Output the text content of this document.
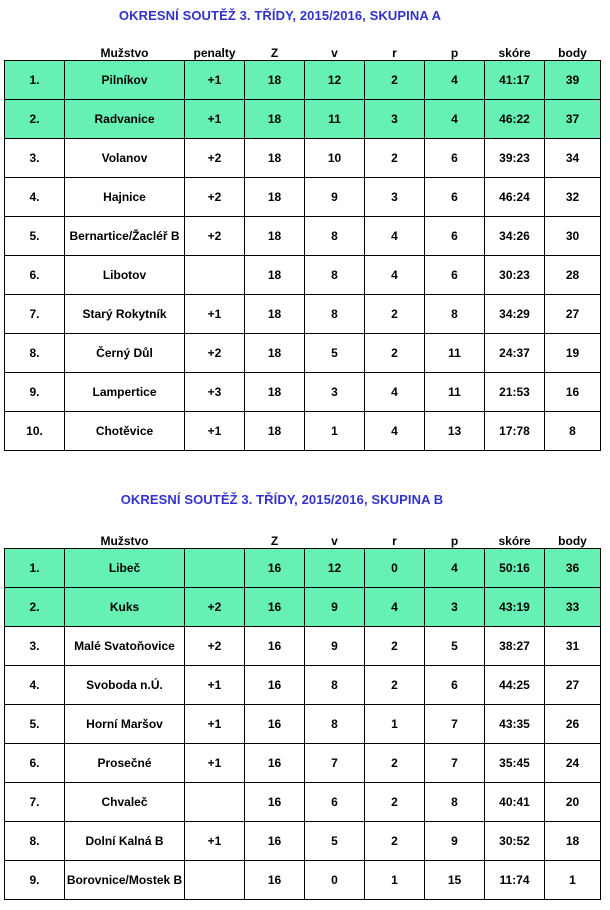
OKRESNÍ SOUTĚŽ 3. TŘÍDY, 2015/2016, SKUPINA A
	Mužstvo	penalty	Z	v	r	p	skóre	body
1.	Pilníkov	+1	18	12	2	4	41:17	39
2.	Radvanice	+1	18	11	3	4	46:22	37
3.	Volanov	+2	18	10	2	6	39:23	34
4.	Hajnice	+2	18	9	3	6	46:24	32
5.	Bernartice/Žacléř B	+2	18	8	4	6	34:26	30
6.	Libotov		18	8	4	6	30:23	28
7.	Starý Rokytník	+1	18	8	2	8	34:29	27
8.	Černý Důl	+2	18	5	2	11	24:37	19
9.	Lampertice	+3	18	3	4	11	21:53	16
10.	Chotěvice	+1	18	1	4	13	17:78	8
OKRESNÍ SOUTĚŽ 3. TŘÍDY, 2015/2016, SKUPINA B
	Mužstvo		Z	v	r	p	skóre	body
1.	Libeč		16	12	0	4	50:16	36
2.	Kuks	+2	16	9	4	3	43:19	33
3.	Malé Svatoňovice	+2	16	9	2	5	38:27	31
4.	Svoboda n.Ú.	+1	16	8	2	6	44:25	27
5.	Horní Maršov	+1	16	8	1	7	43:35	26
6.	Prosečné	+1	16	7	2	7	35:45	24
7.	Chvaleč		16	6	2	8	40:41	20
8.	Dolní Kalná B	+1	16	5	2	9	30:52	18
9.	Borovnice/Mostek B		16	0	1	15	11:74	1
